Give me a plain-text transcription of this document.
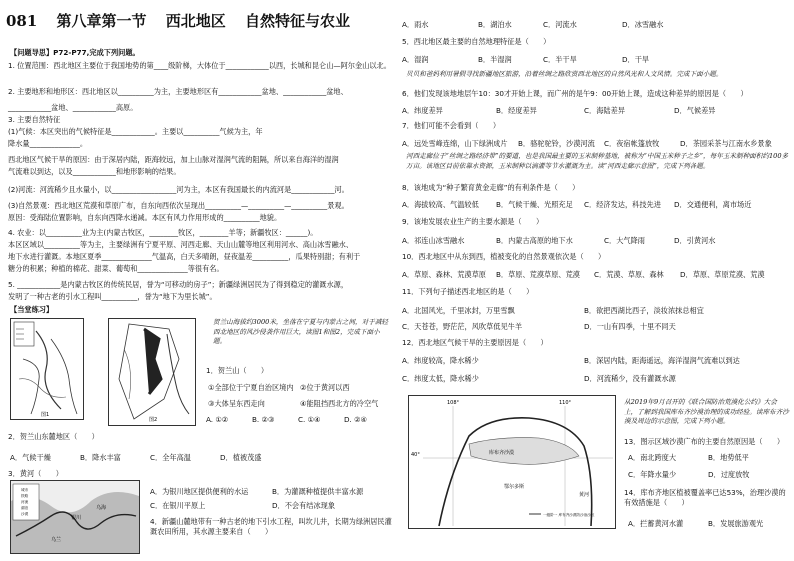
081 第八章第一节 西北地区 自然特征与农业
【问题导思】P72-P77,完成下列问题。
1. 位置范围：西北地区主要位于我国地势的第____级阶梯，大体位于____________以西，长城和昆仑山—阿尔金山以北。
2. 主要地形和地形区：西北地区以__________为主，主要地形区有____________盆地、____________盆地、
____________盆地、____________高原。
3. 主要自然特征
(1)气候：本区突出的气候特征是____________。主要以__________气候为主，年
降水量______________。
西北地区气候干旱的原因：由于深居内陆，距海较远，加上山脉对湿润气流的阻隔，所以来自海洋的湿润
气流难以到达，以及____________和地形影响的结果。
(2)河流：河流稀少且水量小，以__________________河为主，本区有我国最长的内流河是____________河。
(3)自然景观：西北地区荒漠和草原广布，自东向西依次呈现出__________—__________—__________景观。
原因：受海陆位置影响，自东向西降水递减。本区有风力作用形成的__________地貌。
4. 农业：以__________业为主(内蒙古牧区，________牧区，________羊等；新疆牧区：______)。
本区区域以__________等为主，主要绿洲有宁夏平原、河西走廊、天山山麓等地区利用河水、高山冰雪融水、
地下水进行灌溉。本地区夏季______________气温高，白天多晴朗，昼夜温差__________，瓜果特别甜；有利于
糖分的积累；种植的棉花、甜菜、葡萄和______________等很有名。
5. ____________是内蒙古牧区的传统民居，誉为“可移动的房子”；新疆绿洲居民为了得到稳定的灌溉水源，
发明了一种古老的引水工程叫__________，誉为“地下为里长城”。
【当堂练习】
图1
图2
贺兰山海拔约3000米，坐落在宁夏与内蒙古之间，对于减轻西北地区的风沙侵袭作用巨大，读图1和图2，完成下面小题。
1．贺兰山（　　）
①全部位于宁夏自治区境内 ②位于黄河以西
③大体呈东西走向	④能阻挡西北方的冷空气
A. ①②	B. ②③	C. ①④	D. ②④
2．贺兰山东麓地区（　　）
A．气候干燥	B．降水丰富	C．全年高温	D．植被茂盛
3．黄河（　　）
城市
铁路
河流
湖泊
沙漠
银川
乌海
乌兰
A．为银川地区提供便利的水运	B．为灌溉种植提供丰富水源
C．在银川平原上	D．不会有结冰现象
4．新疆山麓地带有一种古老的地下引水工程，叫坎儿井，长期为绿洲居民灌溉农田所用，其水源主要来自（　　）
A．雨水	B．湖泊水	C．河流水	D．冰雪融水
5．西北地区最主要的自然地理特征是（　　）
A．湿润	B．半湿润	C．半干旱	D．干旱
贝贝和爸妈利用暑假寻找新疆地区旅游，沿着丝绸之路欣赏西北地区的自然风光和人文风情。完成下面小题。
6．他们发现该地地层午10：30才开始上课，而广州的是午9：00开始上课，造成这种差异的原因是（　　）
A．纬度差异	B．经度差异	C．海陆差异	D．气候差异
7．他们可能不会看到（　　）
A．远处雪峰连绵，山下绿洲成片 B．骆驼驼铃，沙漠河流 C．夜宿帐篷放牧	D．茶园采茶与江南水乡景象
河西走廊位于“丝绸之路经济带”的要道，也是我国最主要的玉米制种基地，被称为“中国玉米种子之乡”，每年玉米制种面积约100多万亩。该地区目前依靠水资源，玉米制种以滴灌等节水灌溉为主。读“河西走廊示意图”，完成下列各题。
8．该地成为“种子繁育黄金走廊”的有利条件是（　　）
A．海拔较高、气温较低 B．气候干燥、光照充足 C．经济发达，科技先进 D．交通便利，离市场近
9．该地发展农业生产的主要水源是（　　）
A．祁连山冰雪融水	B．内蒙古高原的地下水	C．大气降雨	D．引黄河水
10．西北地区中从东到西，植被变化的自然景观依次是（　　）
A．草原、森林、荒漠草原 B．草原、荒漠草原、荒漠 C．荒漠、草原、森林 D．草原、草原荒漠、荒漠
11．下列句子描述西北地区的是（　　）
A．北国风光，千里冰封，万里雪飘	B．欲把西湖比西子，淡妆浓抹总相宜
C．天苍苍，野茫茫，风吹草低见牛羊	D．一山有四季，十里不同天
12．西北地区气候干旱的主要原因是（　　）
A．纬度较高，降水稀少	B．深居内陆，距海遥远，海洋湿润气流难以到达
C．纬度太低，降水稀少	D．河流稀少，没有灌溉水源
108°	110°
40°	库布齐沙漠
鄂尔多斯
黄河
一级阶一 库布齐沙漠防沙治沙区
从2019年9月召开的《联合国防治荒漠化公约》大会上，了解到我国库布齐沙漠治理的成功经验。读库布齐沙漠及周边的示意图，完成下列小题。
13．图示区域沙漠广布的主要自然原因是（　　）
A．南北跨度大	B．地势低平
C．年降水量少	D．过度放牧
14．库布齐地区植被覆盖率已达53%，治理沙漠的有效措施是（　　）
A．拦蓄黄河水灌	B．发展旅游观光
